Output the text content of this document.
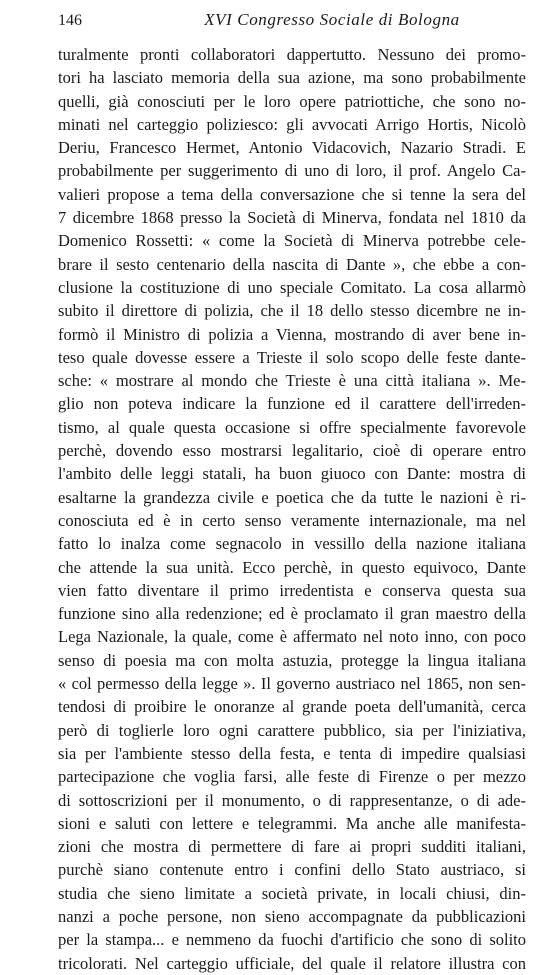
146	XVI Congresso Sociale di Bologna
turalmente pronti collaboratori dappertutto. Nessuno dei promo-
tori ha lasciato memoria della sua azione, ma sono probabilmente
quelli, già conosciuti per le loro opere patriottiche, che sono no-
minati nel carteggio poliziesco: gli avvocati Arrigo Hortis, Nicolò
Deriu, Francesco Hermet, Antonio Vidacovich, Nazario Stradi. E
probabilmente per suggerimento di uno di loro, il prof. Angelo Ca-
valieri propose a tema della conversazione che si tenne la sera del
7 dicembre 1868 presso la Società di Minerva, fondata nel 1810 da
Domenico Rossetti: « come la Società di Minerva potrebbe cele-
brare il sesto centenario della nascita di Dante », che ebbe a con-
clusione la costituzione di uno speciale Comitato. La cosa allarmò
subito il direttore di polizia, che il 18 dello stesso dicembre ne in-
formò il Ministro di polizia a Vienna, mostrando di aver bene in-
teso quale dovesse essere a Trieste il solo scopo delle feste dante-
sche: « mostrare al mondo che Trieste è una città italiana ». Me-
glio non poteva indicare la funzione ed il carattere dell'irreden-
tismo, al quale questa occasione si offre specialmente favorevole
perchè, dovendo esso mostrarsi legalitario, cioè di operare entro
l'ambito delle leggi statali, ha buon giuoco con Dante: mostra di
esaltarne la grandezza civile e poetica che da tutte le nazioni è ri-
conosciuta ed è in certo senso veramente internazionale, ma nel
fatto lo inalza come segnacolo in vessillo della nazione italiana
che attende la sua unità. Ecco perchè, in questo equivoco, Dante
vien fatto diventare il primo irredentista e conserva questa sua
funzione sino alla redenzione; ed è proclamato il gran maestro della
Lega Nazionale, la quale, come è affermato nel noto inno, con poco
senso di poesia ma con molta astuzia, protegge la lingua italiana
« col permesso della legge ». Il governo austriaco nel 1865, non sen-
tendosi di proibire le onoranze al grande poeta dell'umanità, cerca
però di toglierle loro ogni carattere pubblico, sia per l'iniziativa,
sia per l'ambiente stesso della festa, e tenta di impedire qualsiasi
partecipazione che voglia farsi, alle feste di Firenze o per mezzo
di sottoscrizioni per il monumento, o di rappresentanze, o di ade-
sioni e saluti con lettere e telegrammi. Ma anche alle manifesta-
zioni che mostra di permettere di fare ai propri sudditi italiani,
purchè siano contenute entro i confini dello Stato austriaco, si
studia che sieno limitate a società private, in locali chiusi, din-
nanzi a poche persone, non sieno accompagnate da pubblicazioni
per la stampa... e nemmeno da fuochi d'artificio che sono di solito
tricolorati. Nel carteggio ufficiale, del quale il relatore illustra con
